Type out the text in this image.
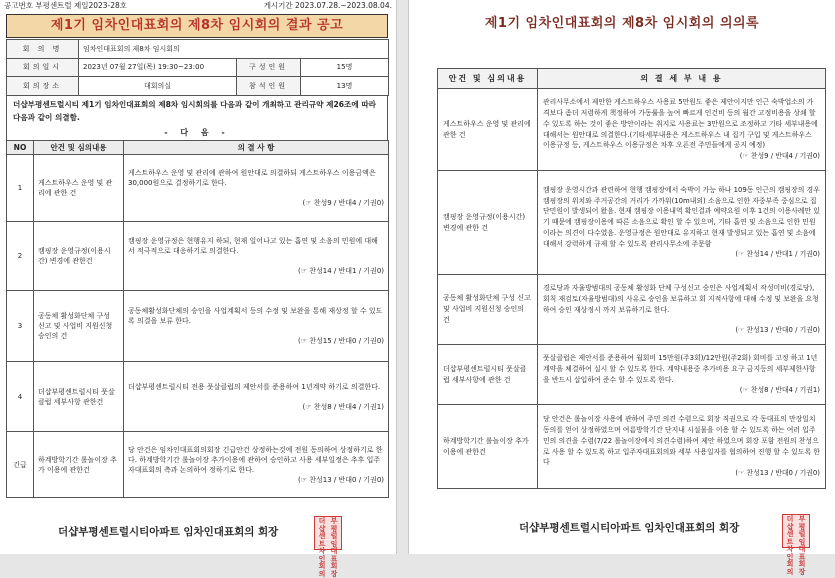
공고번호 부평센트럴 제일2023-28호	게시기간 2023.07.28.~2023.08.04.
제1기 임차인대표회의 제8차 임시회의 결과 공고
회 의 명	임차인대표회의 제8차 임시회의		
회의일시	2023년 07월 27일(목) 19:30~23:00	구성인원	15명
회의장소	대회의실	참석인원	13명
더샵부평센트럴시티 제1기 임차인대표회의 제8차 임시회의를 다음과 같이 개최하고 관리규약 제26조에 따라 다음과 같이 의결함.
- 다 음 -
NO	안건 및 심의내용	의 결 사 항
1	게스트하우스 운영 및 관리에 관한 건	게스트하우스 운영 및 관리에 관하여 원안대로 의결하되 게스트하우스 이용금액은 30,000원으로 결정하기로 한다.
(☞ 찬성9 / 반대4 / 기권0)

2	캠핑장 운영규정(이용시간) 변경에 관한건	캠핑장 운영규정은 현행유지 하되, 현재 일어나고 있는 흡연 및 소음의 민원에 대해서 적극적으로 대응하기로 의결한다.
(☞ 찬성14 / 반대1 / 기권0)

3	공동체 활성화단체 구성 신고 및 사업비 지원신청 승인의 건	공동체활성화단체의 승인을 사업계획서 등의 수정 및 보완을 통해 재상정 할 수 있도록 의결을 보류 한다.
(☞ 찬성15 / 반대0 / 기권0)

4	더샵부평센트럴시티 풋살클럽 세부사항 관한건	더샵부평센트럴시티 전용 풋살클럽의 제안서를 준용하여 1년계약 하기로 의결한다.
(☞ 찬성8 / 반대4 / 기권1)

긴급	하계방학기간 롤놀이장 추가 이용에 관한건	당 안건은 임차인대표회의회장 긴급안건 상정하는것에 전원 동의하여 상정하기로 한다. 하계방학기간 롤놀이장 추가이용에 관하여 승인하고 사용 세부일정은 추후 입주자대표회의 측과 논의하여 정하기로 한다.
(☞ 찬성13 / 반대0 / 기권0)
더샵부평센트럴시티아파트 임차인대표회의 회장
더샵
부평
센트
럴임
차인
대표
회의
회장
제1기 임차인대표회의 제8차 임시회의 의의록
안건 및 심의내용	의 결 세 부 내 용
게스트하우스 운영 및 관리에 관한 건	관리사무소에서 제안한 게스트하우스 사용료 5만원도 좋은 제안이지만 인근 숙박업소의 가격보다 좀더 저렴하게 책정하여 가동률을 높여 빠르게 인건비 등의 월간 고정비용을 상쇄 할 수 있도록 하는 것이 좋은 방안이라는 취지로 사용료는 3만원으로 조정하고 기타 세부내용에 대해서는 원안대로 의결한다.(기타세부내용은 게스트하우스 내 집기 구입 및 게스트하우스 이용규정 등, 게스트하우스 이용규정은 차후 오픈전 주민들에게 공지 예정)
(☞ 찬성9 / 반대4 / 기권0)

캠핑장 운영규정(이용시간) 변경에 관한 건	캠핑장 운영시간과 관련하여 현행 캠핑장에서 숙박이 가능 하나 109동 인근의 캠핑장의 경우 캠핑장의 위치와 주거공간의 거리가 가까워(10m내외) 소음으로 인한 자중부족 중심으로 집단민원이 발생되어 왔음. 현재 캠핑장 이용내역 확인결과 예약요원 이후 1건의 이용사례만 있기 때문에 캠핑장이용에 따른 소음으로 확인 할 수 있으며, 기타 흡연 및 소음으로 인한 민원이라는 의견이 다수였음. 운영규정은 원안대로 유지하고 현재 발생되고 있는 흡연 및 소음에 대해서 강력하게 규제 할 수 있도록 관리사무소에 주문함
(☞ 찬성14 / 반대1 / 기권0)

공동체 활성화단체 구성 신고 및 사업비 지원신청 승인의 건	경로당과 자율방범대의 공동체 활성화 단체 구성신고 승인은 사업계획서 작성미비(경로당), 회칙 재검토(자율방범대)의 사유로 승인을 보류하고 회 지적사항에 대해 수정 및 보완을 요청 하여 승인 재상정시 까지 보류하기로 한다.
(☞ 찬성13 / 반대0 / 기권0)

더샵부평센트럴시티 풋살클럽 세부사항에 관한 건	풋살클럽은 제안서를 준용하여 월회비 15만원(주3회)/12만원(주2회) 회비를 고정 하고 1년계약을 체결하여 실시 할 수 있도록 한다. 계약내용중 추가비용 요구 금지등의 세부제한사항을 반드시 삽입하여 준수 할 수 있도록 한다.
(☞ 찬성8 / 반대4 / 기권1)

하계방학기간 롤놀이장 추가 이용에 관한건	당 안건은 롤놀이장 사용에 관하여 주민 의견 수렴으로 회장 직권으로 각 동대표의 만장일치 동의를 얻어 상정하였으며 여름방학기간 단지내 시설물을 이용 할 수 있도록 하는 여러 입주민의 의견을 수렴(7/22 롤놀이장에서 의견수렴)하여 제안 하였으며 회장 포함 전원의 찬성으로 사용 할 수 있도록 하고 입주자대표회의와 세부 사용일자를 협의하여 진행 할 수 있도록 한다
(☞ 찬성13 / 반대0 / 기권0)
더샵부평센트럴시티아파트 임차인대표회의 회장
더샵
부평
센트
럴임
차인
대표
회의
회장
